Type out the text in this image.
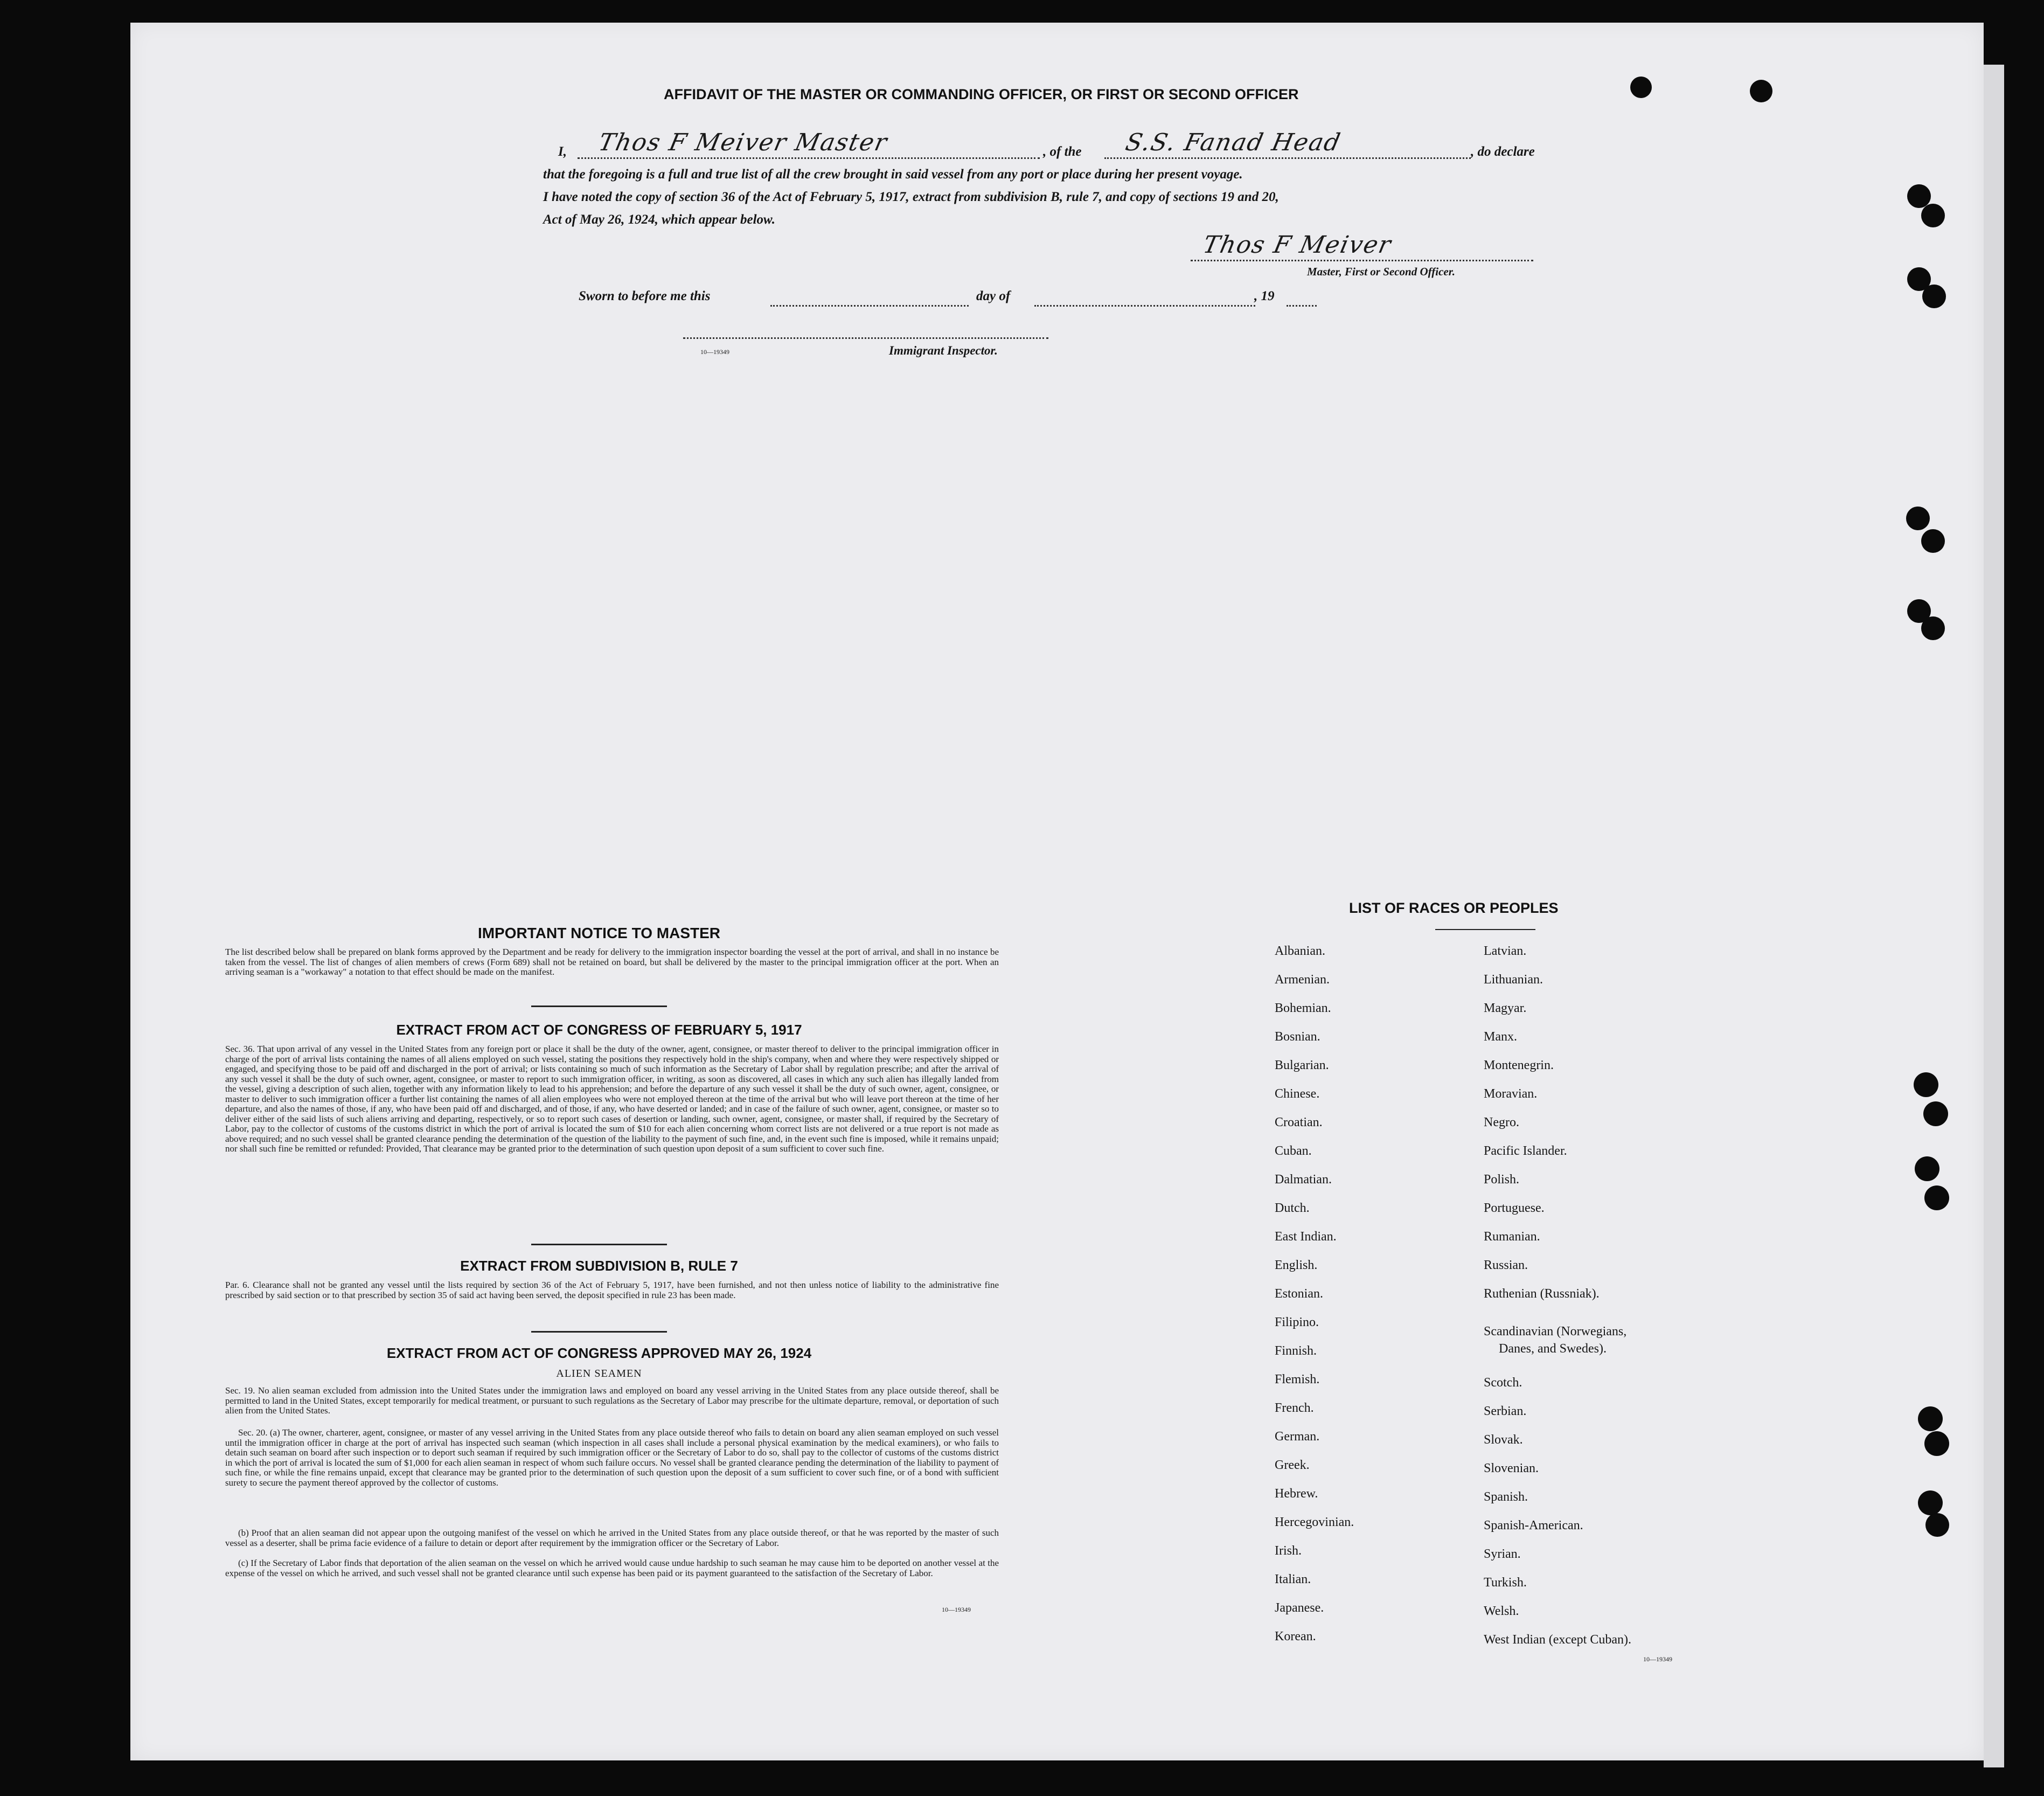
AFFIDAVIT OF THE MASTER OR COMMANDING OFFICER, OR FIRST OR SECOND OFFICER
I, Thos F Meiver Master	, of the S.S. Fanad Head	, do declare
that the foregoing is a full and true list of all the crew brought in said vessel from any port or place during her present voyage.
I have noted the copy of section 36 of the Act of February 5, 1917, extract from subdivision B, rule 7, and copy of sections 19 and 20,
Act of May 26, 1924, which appear below.
Thos F Meiver
Master, First or Second Officer.
Sworn to before me this	day of	, 19
10—19349	Immigrant Inspector.
IMPORTANT NOTICE TO MASTER
The list described below shall be prepared on blank forms approved by the Department and be ready for delivery to the immigration inspector boarding the vessel at the port of arrival, and shall in no instance be taken from the vessel. The list of changes of alien members of crews (Form 689) shall not be retained on board, but shall be delivered by the master to the principal immigration officer at the port. When an arriving seaman is a "workaway" a notation to that effect should be made on the manifest.
EXTRACT FROM ACT OF CONGRESS OF FEBRUARY 5, 1917
Sec. 36. That upon arrival of any vessel in the United States from any foreign port or place it shall be the duty of the owner, agent, consignee, or master thereof to deliver to the principal immigration officer in charge of the port of arrival lists containing the names of all aliens employed on such vessel, stating the positions they respectively hold in the ship's company, when and where they were respectively shipped or engaged, and specifying those to be paid off and discharged in the port of arrival; or lists containing so much of such information as the Secretary of Labor shall by regulation prescribe; and after the arrival of any such vessel it shall be the duty of such owner, agent, consignee, or master to report to such immigration officer, in writing, as soon as discovered, all cases in which any such alien has illegally landed from the vessel, giving a description of such alien, together with any information likely to lead to his apprehension; and before the departure of any such vessel it shall be the duty of such owner, agent, consignee, or master to deliver to such immigration officer a further list containing the names of all alien employees who were not employed thereon at the time of the arrival but who will leave port thereon at the time of her departure, and also the names of those, if any, who have been paid off and discharged, and of those, if any, who have deserted or landed; and in case of the failure of such owner, agent, consignee, or master so to deliver either of the said lists of such aliens arriving and departing, respectively, or so to report such cases of desertion or landing, such owner, agent, consignee, or master shall, if required by the Secretary of Labor, pay to the collector of customs of the customs district in which the port of arrival is located the sum of $10 for each alien concerning whom correct lists are not delivered or a true report is not made as above required; and no such vessel shall be granted clearance pending the determination of the question of the liability to the payment of such fine, and, in the event such fine is imposed, while it remains unpaid; nor shall such fine be remitted or refunded: Provided, That clearance may be granted prior to the determination of such question upon deposit of a sum sufficient to cover such fine.
EXTRACT FROM SUBDIVISION B, RULE 7
Par. 6. Clearance shall not be granted any vessel until the lists required by section 36 of the Act of February 5, 1917, have been furnished, and not then unless notice of liability to the administrative fine prescribed by said section or to that prescribed by section 35 of said act having been served, the deposit specified in rule 23 has been made.
EXTRACT FROM ACT OF CONGRESS APPROVED MAY 26, 1924
ALIEN SEAMEN
Sec. 19. No alien seaman excluded from admission into the United States under the immigration laws and employed on board any vessel arriving in the United States from any place outside thereof, shall be permitted to land in the United States, except temporarily for medical treatment, or pursuant to such regulations as the Secretary of Labor may prescribe for the ultimate departure, removal, or deportation of such alien from the United States.
Sec. 20. (a) The owner, charterer, agent, consignee, or master of any vessel arriving in the United States from any place outside thereof who fails to detain on board any alien seaman employed on such vessel until the immigration officer in charge at the port of arrival has inspected such seaman (which inspection in all cases shall include a personal physical examination by the medical examiners), or who fails to detain such seaman on board after such inspection or to deport such seaman if required by such immigration officer or the Secretary of Labor to do so, shall pay to the collector of customs of the customs district in which the port of arrival is located the sum of $1,000 for each alien seaman in respect of whom such failure occurs. No vessel shall be granted clearance pending the determination of the liability to payment of such fine, or while the fine remains unpaid, except that clearance may be granted prior to the determination of such question upon the deposit of a sum sufficient to cover such fine, or of a bond with sufficient surety to secure the payment thereof approved by the collector of customs.
(b) Proof that an alien seaman did not appear upon the outgoing manifest of the vessel on which he arrived in the United States from any place outside thereof, or that he was reported by the master of such vessel as a deserter, shall be prima facie evidence of a failure to detain or deport after requirement by the immigration officer or the Secretary of Labor.
(c) If the Secretary of Labor finds that deportation of the alien seaman on the vessel on which he arrived would cause undue hardship to such seaman he may cause him to be deported on another vessel at the expense of the vessel on which he arrived, and such vessel shall not be granted clearance until such expense has been paid or its payment guaranteed to the satisfaction of the Secretary of Labor.
10—19349
LIST OF RACES OR PEOPLES
Albanian.
Armenian.
Bohemian.
Bosnian.
Bulgarian.
Chinese.
Croatian.
Cuban.
Dalmatian.
Dutch.
East Indian.
English.
Estonian.
Filipino.
Finnish.
Flemish.
French.
German.
Greek.
Hebrew.
Hercegovinian.
Irish.
Italian.
Japanese.
Korean.
Latvian.
Lithuanian.
Magyar.
Manx.
Montenegrin.
Moravian.
Negro.
Pacific Islander.
Polish.
Portuguese.
Rumanian.
Russian.
Ruthenian (Russniak).
Scandinavian (Norwegians,
Danes, and Swedes).
Scotch.
Serbian.
Slovak.
Slovenian.
Spanish.
Spanish-American.
Syrian.
Turkish.
Welsh.
West Indian (except Cuban).
10—19349
